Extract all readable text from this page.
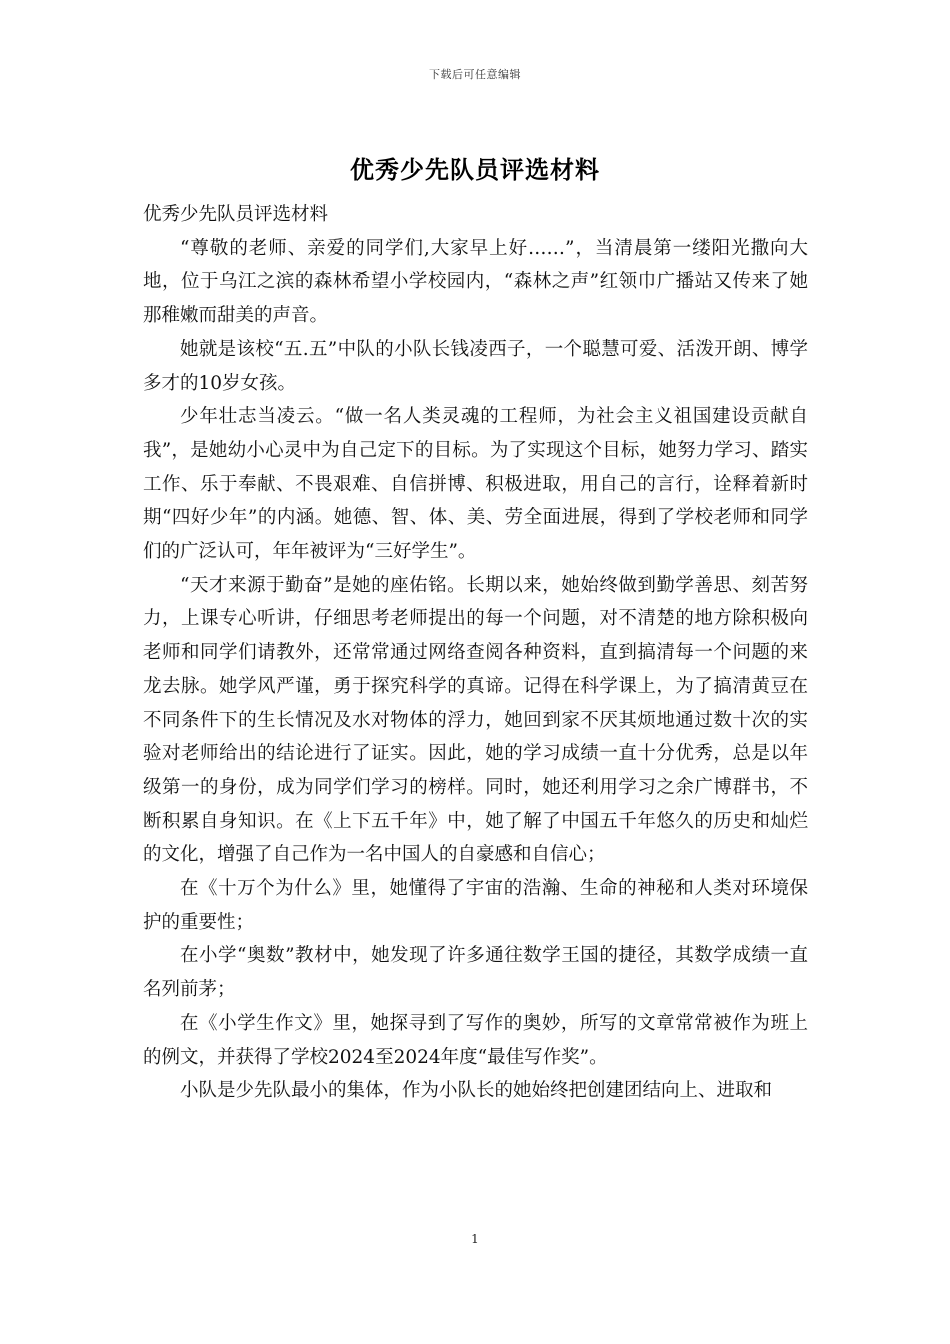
下载后可任意编辑
优秀少先队员评选材料

优秀少先队员评选材料

“尊敬的老师、亲爱的同学们,大家早上好……”，当清晨第一缕阳光撒向大地，位于乌江之滨的森林希望小学校园内，“森林之声”红领巾广播站又传来了她那稚嫩而甜美的声音。

她就是该校“五.五”中队的小队长钱凌西子，一个聪慧可爱、活泼开朗、博学多才的10岁女孩。

少年壮志当凌云。“做一名人类灵魂的工程师，为社会主义祖国建设贡献自我”，是她幼小心灵中为自己定下的目标。为了实现这个目标，她努力学习、踏实工作、乐于奉献、不畏艰难、自信拼博、积极进取，用自己的言行，诠释着新时期“四好少年”的内涵。她德、智、体、美、劳全面进展，得到了学校老师和同学们的广泛认可，年年被评为“三好学生”。

“天才来源于勤奋”是她的座佑铭。长期以来，她始终做到勤学善思、刻苦努力，上课专心听讲，仔细思考老师提出的每一个问题，对不清楚的地方除积极向老师和同学们请教外，还常常通过网络查阅各种资料，直到搞清每一个问题的来龙去脉。她学风严谨，勇于探究科学的真谛。记得在科学课上，为了搞清黄豆在不同条件下的生长情况及水对物体的浮力，她回到家不厌其烦地通过数十次的实验对老师给出的结论进行了证实。因此，她的学习成绩一直十分优秀，总是以年级第一的身份，成为同学们学习的榜样。同时，她还利用学习之余广博群书，不断积累自身知识。在《上下五千年》中，她了解了中国五千年悠久的历史和灿烂的文化，增强了自己作为一名中国人的自豪感和自信心；

在《十万个为什么》里，她懂得了宇宙的浩瀚、生命的神秘和人类对环境保护的重要性；

在小学“奥数”教材中，她发现了许多通往数学王国的捷径，其数学成绩一直名列前茅；

在《小学生作文》里，她探寻到了写作的奥妙，所写的文章常常被作为班上的例文，并获得了学校2024至2024年度“最佳写作奖”。

小队是少先队最小的集体，作为小队长的她始终把创建团结向上、进取和

1
